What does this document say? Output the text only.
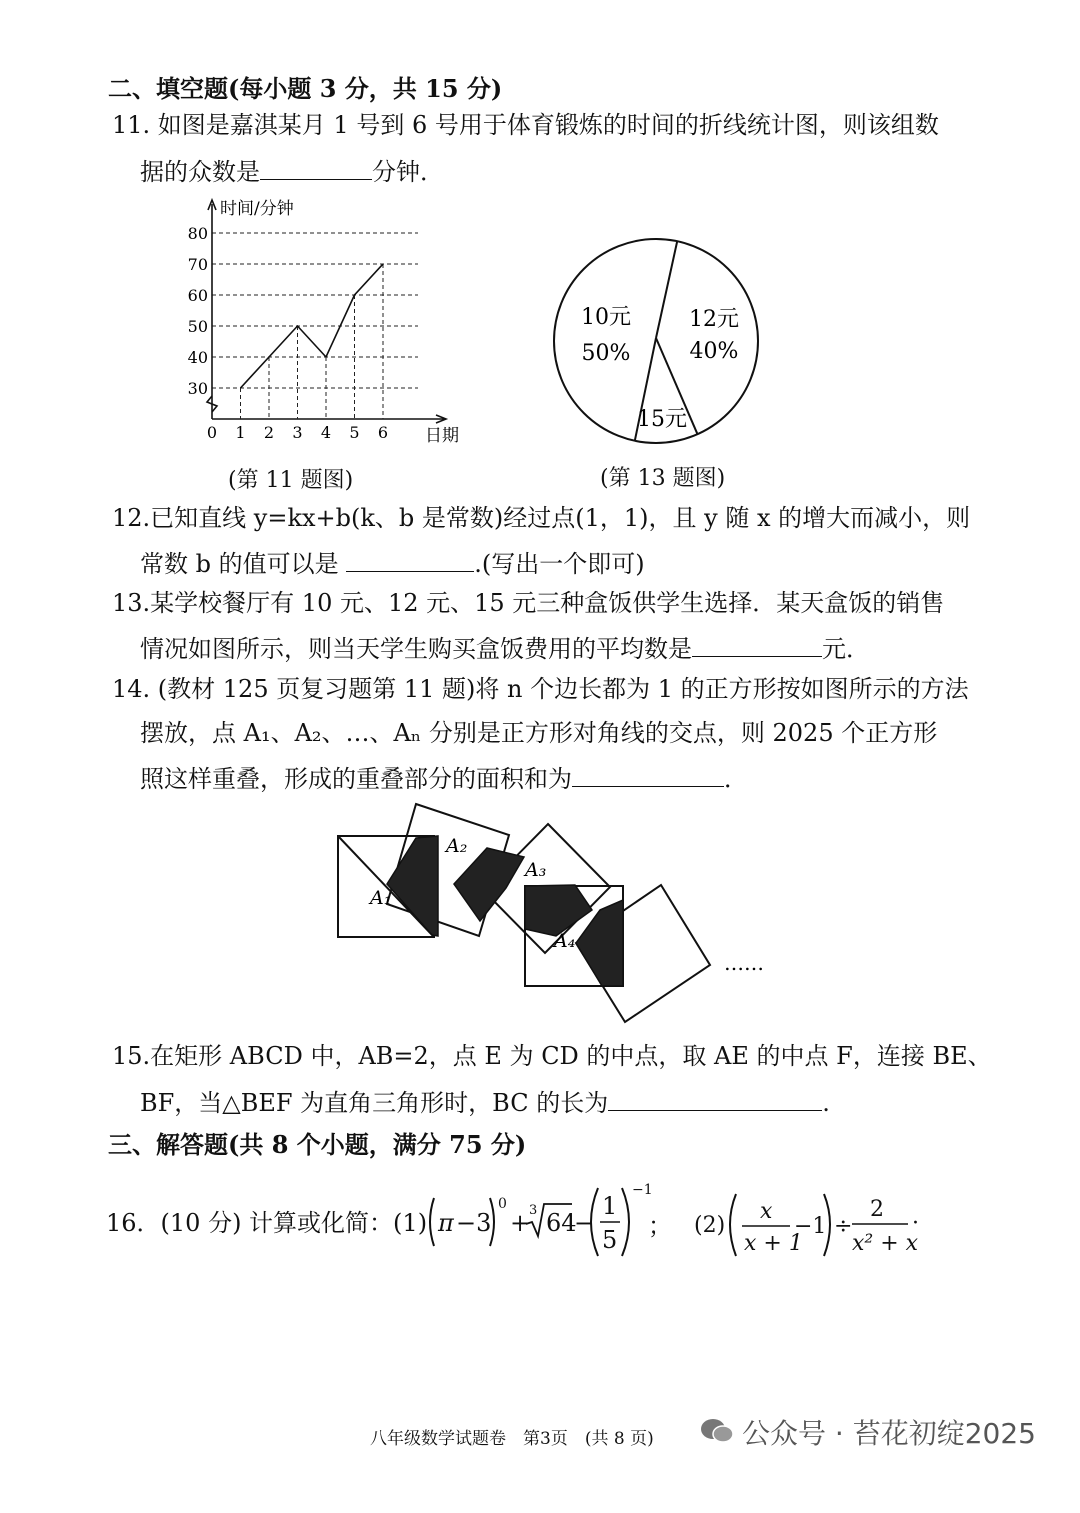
二、填空题(每小题 3 分，共 15 分)
11. 如图是嘉淇某月 1 号到 6 号用于体育锻炼的时间的折线统计图，则该组数
据的众数是	分钟．
30
40
50
60
70
80
0 1 2 3 4 5 6
时间/分钟
日期
(第 11 题图)
10元
50%
12元
40%
15元
(第 13 题图)
12.已知直线 y=kx+b(k、b 是常数)经过点(1，1)，且 y 随 x 的增大而减小，则
常数 b 的值可以是	.(写出一个即可)
13.某学校餐厅有 10 元、12 元、15 元三种盒饭供学生选择．某天盒饭的销售
情况如图所示，则当天学生购买盒饭费用的平均数是	元．
14. (教材 125 页复习题第 11 题)将 n 个边长都为 1 的正方形按如图所示的方法
摆放，点 A₁、A₂、…、Aₙ 分别是正方形对角线的交点，则 2025 个正方形
照这样重叠，形成的重叠部分的面积和为	．
A₁
A₂
A₃
A₄
……
15.在矩形 ABCD 中，AB=2，点 E 为 CD 的中点，取 AE 的中点 F，连接 BE、
BF，当△BEF 为直角三角形时，BC 的长为	.
三、解答题(共 8 个小题，满分 75 分)
16．(10 分) 计算或化简：(1) π −3
0
+
3 64
−
1
5
−1
； (2)
x
x + 1
−1 ÷
2
x² + x
·
八年级数学试题卷　第3页　(共 8 页)	公众号 · 苔花初绽2025
